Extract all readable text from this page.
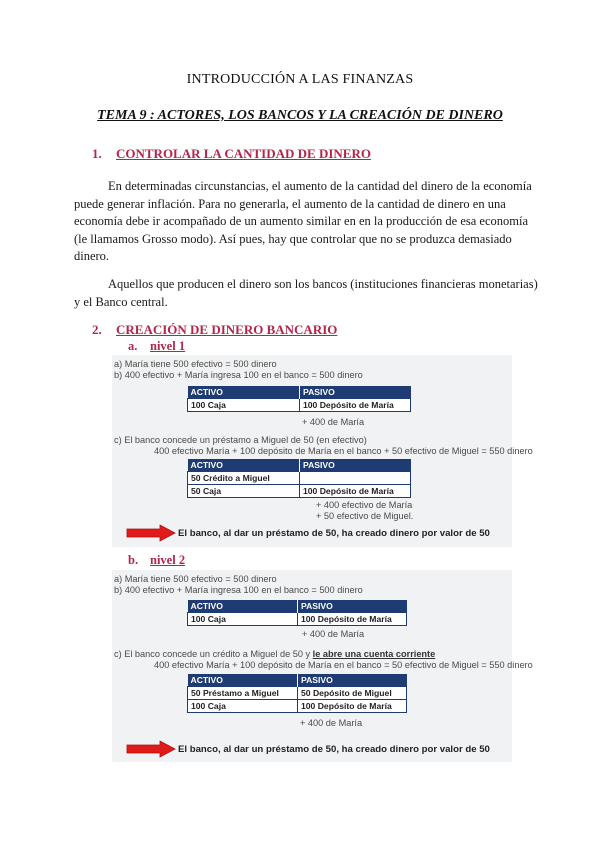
INTRODUCCIÓN A LAS FINANZAS
TEMA 9 : ACTORES, LOS BANCOS Y LA CREACIÓN DE DINERO
1. CONTROLAR LA CANTIDAD DE DINERO
En determinadas circunstancias, el aumento de la cantidad del dinero de la economía
puede generar inflación. Para no generarla, el aumento de la cantidad de dinero en una
economía debe ir acompañado de un aumento similar en en la producción de esa economía
(le llamamos Grosso modo). Así pues, hay que controlar que no se produzca demasiado
dinero.
Aquellos que producen el dinero son los bancos (instituciones financieras monetarias)
y el Banco central.
2. CREACIÓN DE DINERO BANCARIO
a. nivel 1
a) María tiene 500 efectivo = 500 dinero
b) 400 efectivo + María ingresa 100 en el banco = 500 dinero
ACTIVO	PASIVO
100 Caja	100 Depósito de María
+ 400 de María
c) El banco concede un préstamo a Miguel de 50 (en efectivo)
400 efectivo María + 100 depósito de María en el banco + 50 efectivo de Miguel = 550 dinero
ACTIVO	PASIVO
50 Crédito a Miguel	
50 Caja	100 Depósito de María
+ 400 efectivo de María
+ 50 efectivo de Miguel.
El banco, al dar un préstamo de 50, ha creado dinero por valor de 50
b. nivel 2
a) María tiene 500 efectivo = 500 dinero
b) 400 efectivo + María ingresa 100 en el banco = 500 dinero
ACTIVO	PASIVO
100 Caja	100 Depósito de María
+ 400 de María
c) El banco concede un crédito a Miguel de 50 y le abre una cuenta corriente
400 efectivo María + 100 depósito de María en el banco = 50 efectivo de Miguel = 550 dinero
ACTIVO	PASIVO
50 Préstamo a Miguel	50 Depósito de Miguel
100 Caja	100 Depósito de María
+ 400 de María
El banco, al dar un préstamo de 50, ha creado dinero por valor de 50
